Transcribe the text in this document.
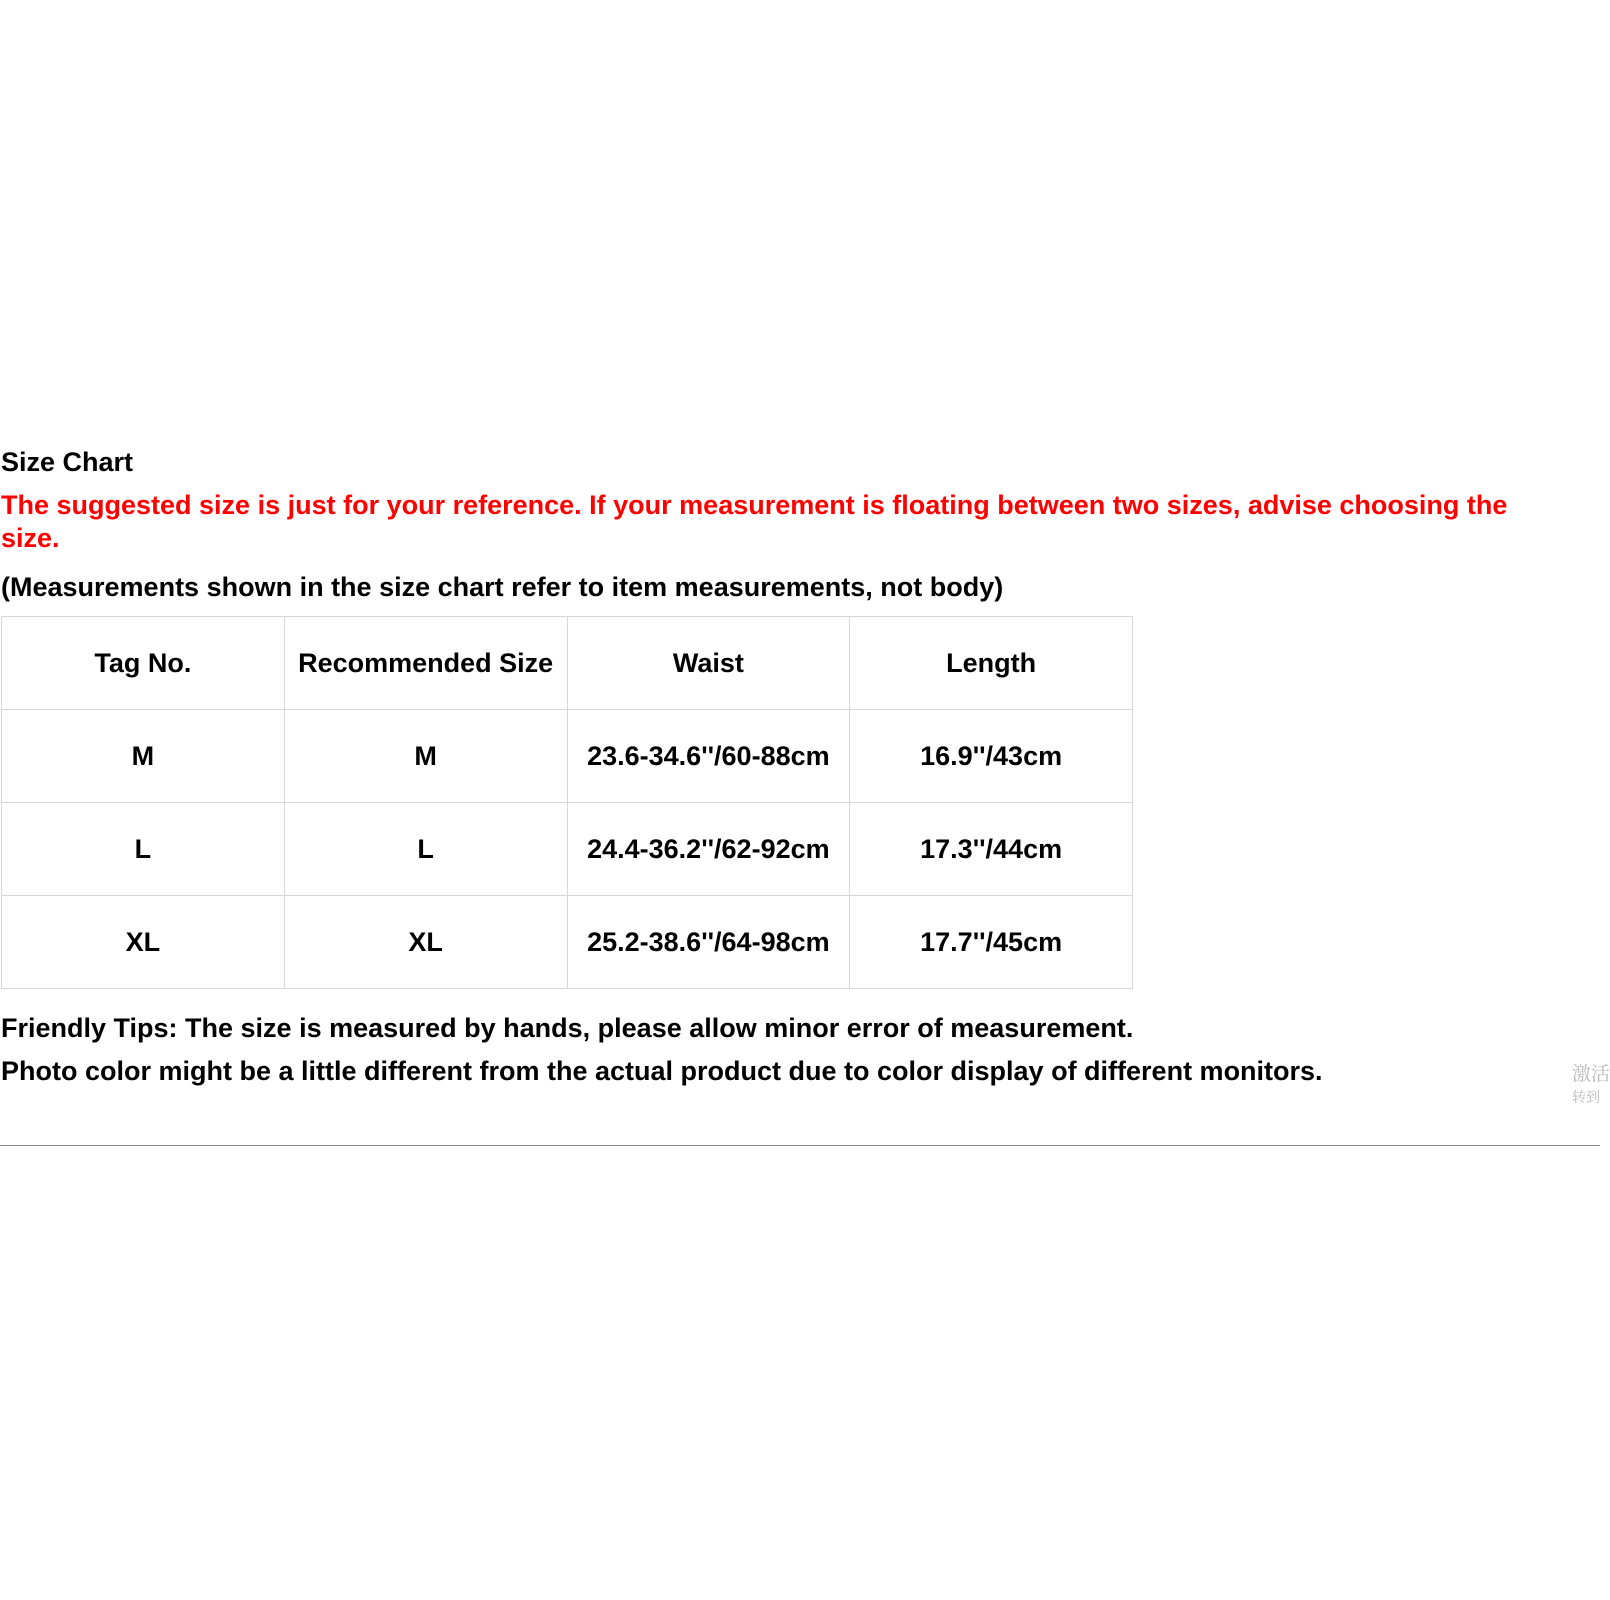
Size Chart
The suggested size is just for your reference. If your measurement is floating between two sizes, advise choosing the
size.
(Measurements shown in the size chart refer to item measurements, not body)
Tag No.	Recommended Size	Waist	Length
M	M	23.6-34.6''/60-88cm	16.9''/43cm
L	L	24.4-36.2''/62-92cm	17.3''/44cm
XL	XL	25.2-38.6''/64-98cm	17.7''/45cm
Friendly Tips: The size is measured by hands, please allow minor error of measurement.
Photo color might be a little different from the actual product due to color display of different monitors.	激活
转到
